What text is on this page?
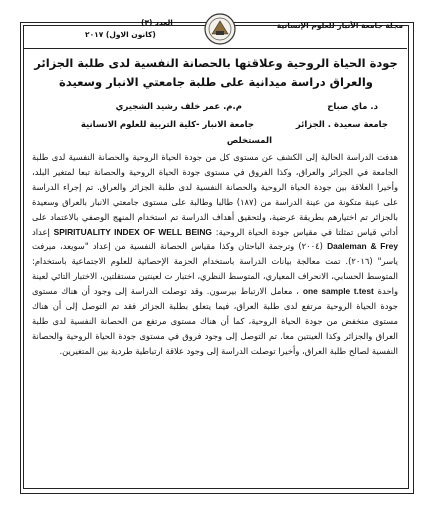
مجلة جامعة الأنبار للعلوم الإنسانية
العدد (٣)
(كانون الاول) ٢٠١٧
جودة الحياة الروحية وعلاقتها بالحصانة النفسية لدى طلبة الجزائر والعراق دراسة ميدانية على طلبة جامعتي الانبار وسعيدة
د. ماي صباح
م.م. عمر خلف رشيد الشجيري
جامعة سعيدة . الجزائر
جامعة الانبار -كلية التربية للعلوم الانسانية
المستخلص

هدفت الدراسة الحالية إلى الكشف عن مستوى كل من جودة الحياة الروحية والحصانة النفسية لدى طلبة الجامعة في الجزائر والعراق، وكذا الفروق في مستوى جودة الحياة الروحية والحصانة تبعا لمتغير البلد، وأخيرا العلاقة بين جودة الحياة الروحية والحصانة النفسية لدى طلبة الجزائر والعراق. تم إجراء الدراسة على عينة متكونة من عينة الدراسة من (١٨٧) طالبا وطالبة على مستوى جامعتي الانبار بالعراق وسعيدة بالجزائر تم اختيارهم بطريقة عرضية، ولتحقيق أهداف الدراسة تم استخدام المنهج الوصفي بالاعتماد على أداتي قياس تمثلتا في مقياس جودة الحياة الروحية: SPIRITUALITY INDEX OF WELL BEING إعداد Daaleman & Frey (٢٠٠٤) وترجمة الباحثان وكذا مقياس الحصانة النفسية من إعداد "سويعد، ميرفت ياسر" (٢٠١٦). تمت معالجة بيانات الدراسة باستخدام الحزمة الإحصائية للعلوم الاجتماعية باستخدام: المتوسط الحسابي، الانحراف المعياري، المتوسط النظري، اختبار ت لعينتين مستقلتين، الاختبار التائي لعينة واحدة one sample t.test ، معامل الارتباط بيرسون. وقد توصلت الدراسة إلى وجود أن هناك مستوى جودة الحياة الروحية مرتفع لدى طلبة العراق، فيما يتعلق بطلبة الجزائر فقد تم التوصل إلى أن هناك مستوى منخفض من جودة الحياة الروحية، كما أن هناك مستوى مرتفع من الحصانة النفسية لدى طلبة العراق والجزائر وكذا العينتين معا. تم التوصل إلى وجود فروق في مستوى جودة الحياة الروحية والحصانة النفسية لصالح طلبة العراق، وأخيرا توصلت الدراسة إلى وجود علاقة ارتباطية طردية بين المتغيرين.
